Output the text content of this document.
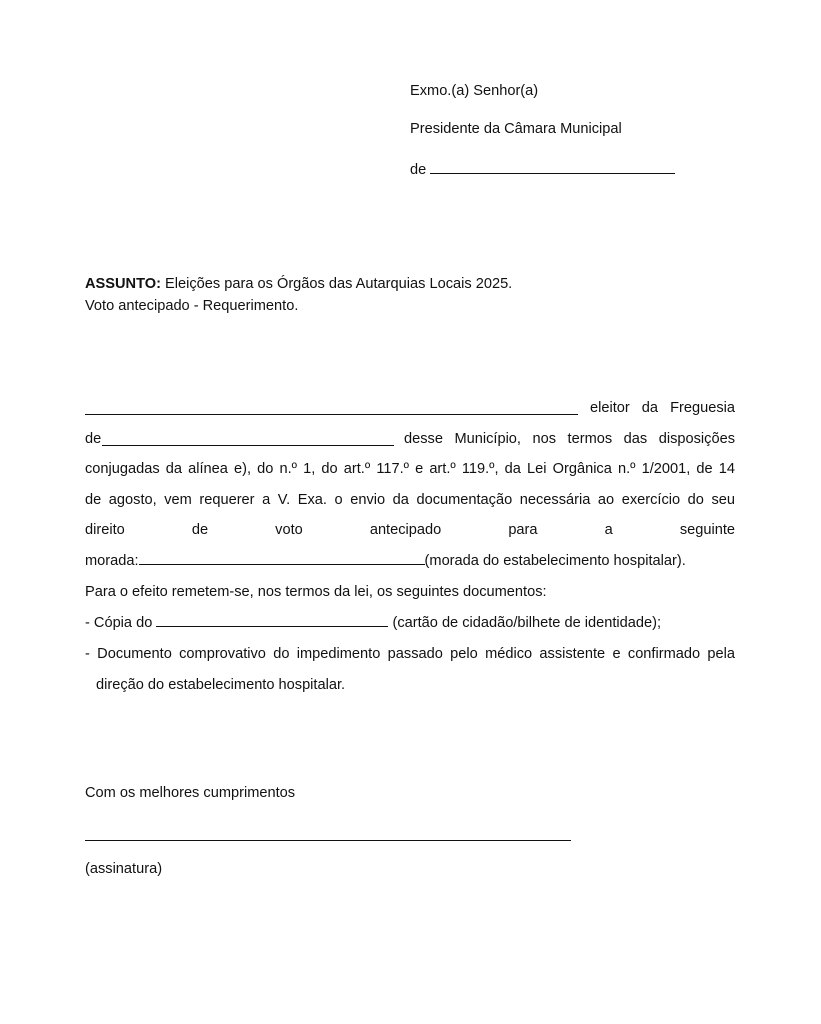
Exmo.(a) Senhor(a)
Presidente da Câmara Municipal
de
ASSUNTO: Eleições para os Órgãos das Autarquias Locais 2025.
Voto antecipado - Requerimento.
eleitor da Freguesia
de	desse Município, nos termos das disposições
conjugadas da alínea e), do n.º 1, do art.º 117.º e art.º 119.º, da Lei Orgânica n.º 1/2001, de 14
de agosto, vem requerer a V. Exa. o envio da documentação necessária ao exercício do seu
direito de voto antecipado para a seguinte
morada:	(morada do estabelecimento hospitalar).
Para o efeito remetem-se, nos termos da lei, os seguintes documentos:
- Cópia do	(cartão de cidadão/bilhete de identidade);
- Documento comprovativo do impedimento passado pelo médico assistente e confirmado pela
direção do estabelecimento hospitalar.
Com os melhores cumprimentos
(assinatura)
